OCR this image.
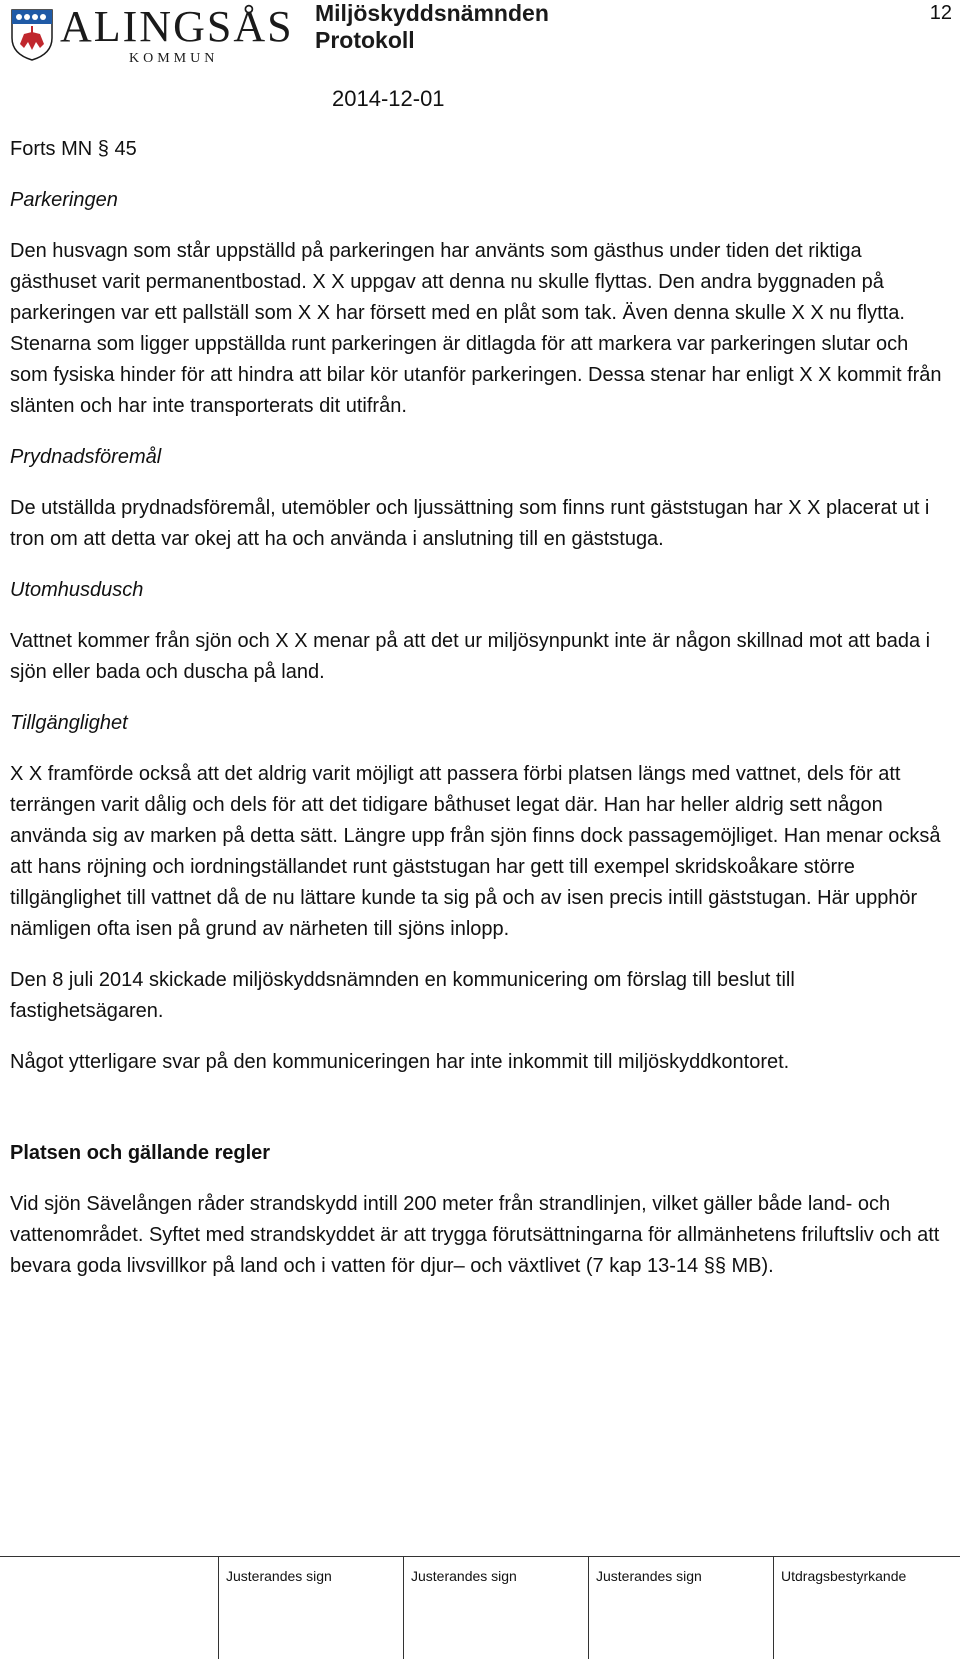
ALINGSÅS
KOMMUN
Miljöskyddsnämnden
Protokoll
12
2014-12-01

Forts MN § 45

Parkeringen

Den husvagn som står uppställd på parkeringen har använts som gästhus under tiden det riktiga gästhuset varit permanentbostad. X X uppgav att denna nu skulle flyttas. Den andra byggnaden på parkeringen var ett pallställ som X X har försett med en plåt som tak. Även denna skulle X X nu flytta. Stenarna som ligger uppställda runt parkeringen är ditlagda för att markera var parkeringen slutar och som fysiska hinder för att hindra att bilar kör utanför parkeringen. Dessa stenar har enligt X X kommit från slänten och har inte transporterats dit utifrån.

Prydnadsföremål

De utställda prydnadsföremål, utemöbler och ljussättning som finns runt gäststugan har X X placerat ut i tron om att detta var okej att ha och använda i anslutning till en gäststuga.

Utomhusdusch

Vattnet kommer från sjön och X X menar på att det ur miljösynpunkt inte är någon skillnad mot att bada i sjön eller bada och duscha på land.

Tillgänglighet

X X framförde också att det aldrig varit möjligt att passera förbi platsen längs med vattnet, dels för att terrängen varit dålig och dels för att det tidigare båthuset legat där. Han har heller aldrig sett någon använda sig av marken på detta sätt. Längre upp från sjön finns dock passagemöjliget. Han menar också att hans röjning och iordningställandet runt gäststugan har gett till exempel skridskoåkare större tillgänglighet till vattnet då de nu lättare kunde ta sig på och av isen precis intill gäststugan. Här upphör nämligen ofta isen på grund av närheten till sjöns inlopp.

Den 8 juli 2014 skickade miljöskyddsnämnden en kommunicering om förslag till beslut till fastighetsägaren.

Något ytterligare svar på den kommuniceringen har inte inkommit till miljöskyddkontoret.

Platsen och gällande regler

Vid sjön Sävelången råder strandskydd intill 200 meter från strandlinjen, vilket gäller både land- och vattenområdet. Syftet med strandskyddet är att trygga förutsättningarna för allmänhetens friluftsliv och att bevara goda livsvillkor på land och i vatten för djur– och växtlivet (7 kap 13-14 §§ MB).

Justerandes sign	Justerandes sign	Justerandes sign	Utdragsbestyrkande
